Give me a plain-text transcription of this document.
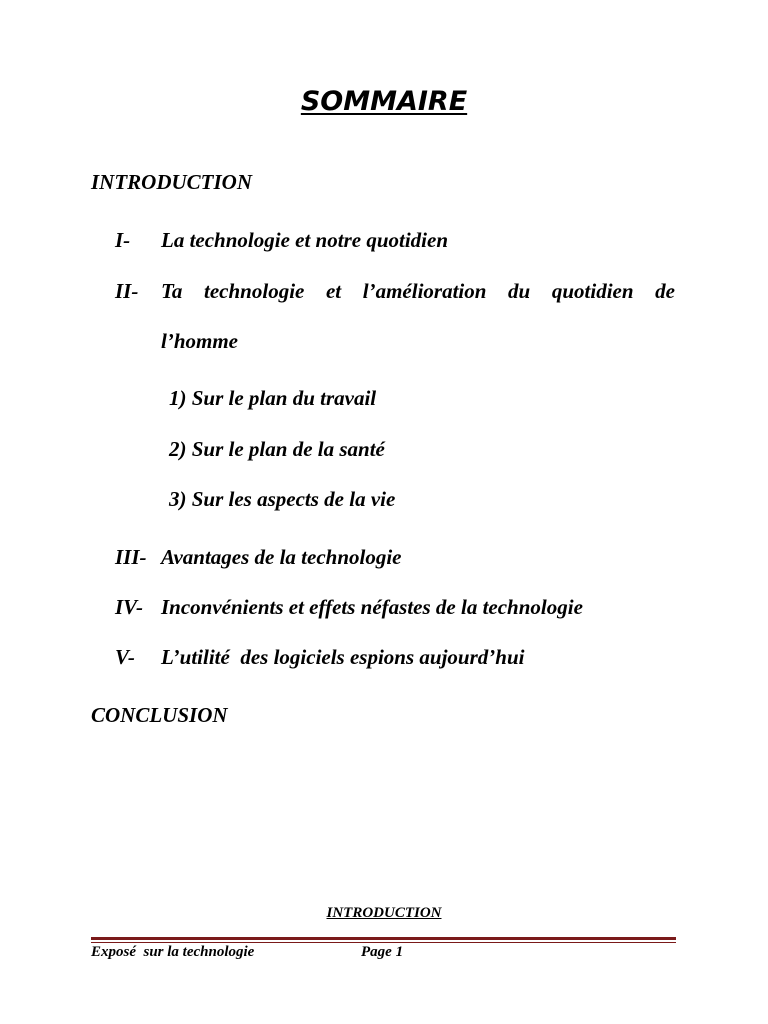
SOMMAIRE
INTRODUCTION
I- La technologie et notre quotidien
II- Ta technologie et l’amélioration du quotidien de
l’homme
1) Sur le plan du travail
2) Sur le plan de la santé
3) Sur les aspects de la vie
III- Avantages de la technologie
IV- Inconvénients et effets néfastes de la technologie
V- L’utilité  des logiciels espions aujourd’hui
CONCLUSION
INTRODUCTION
Exposé  sur la technologie	Page 1
